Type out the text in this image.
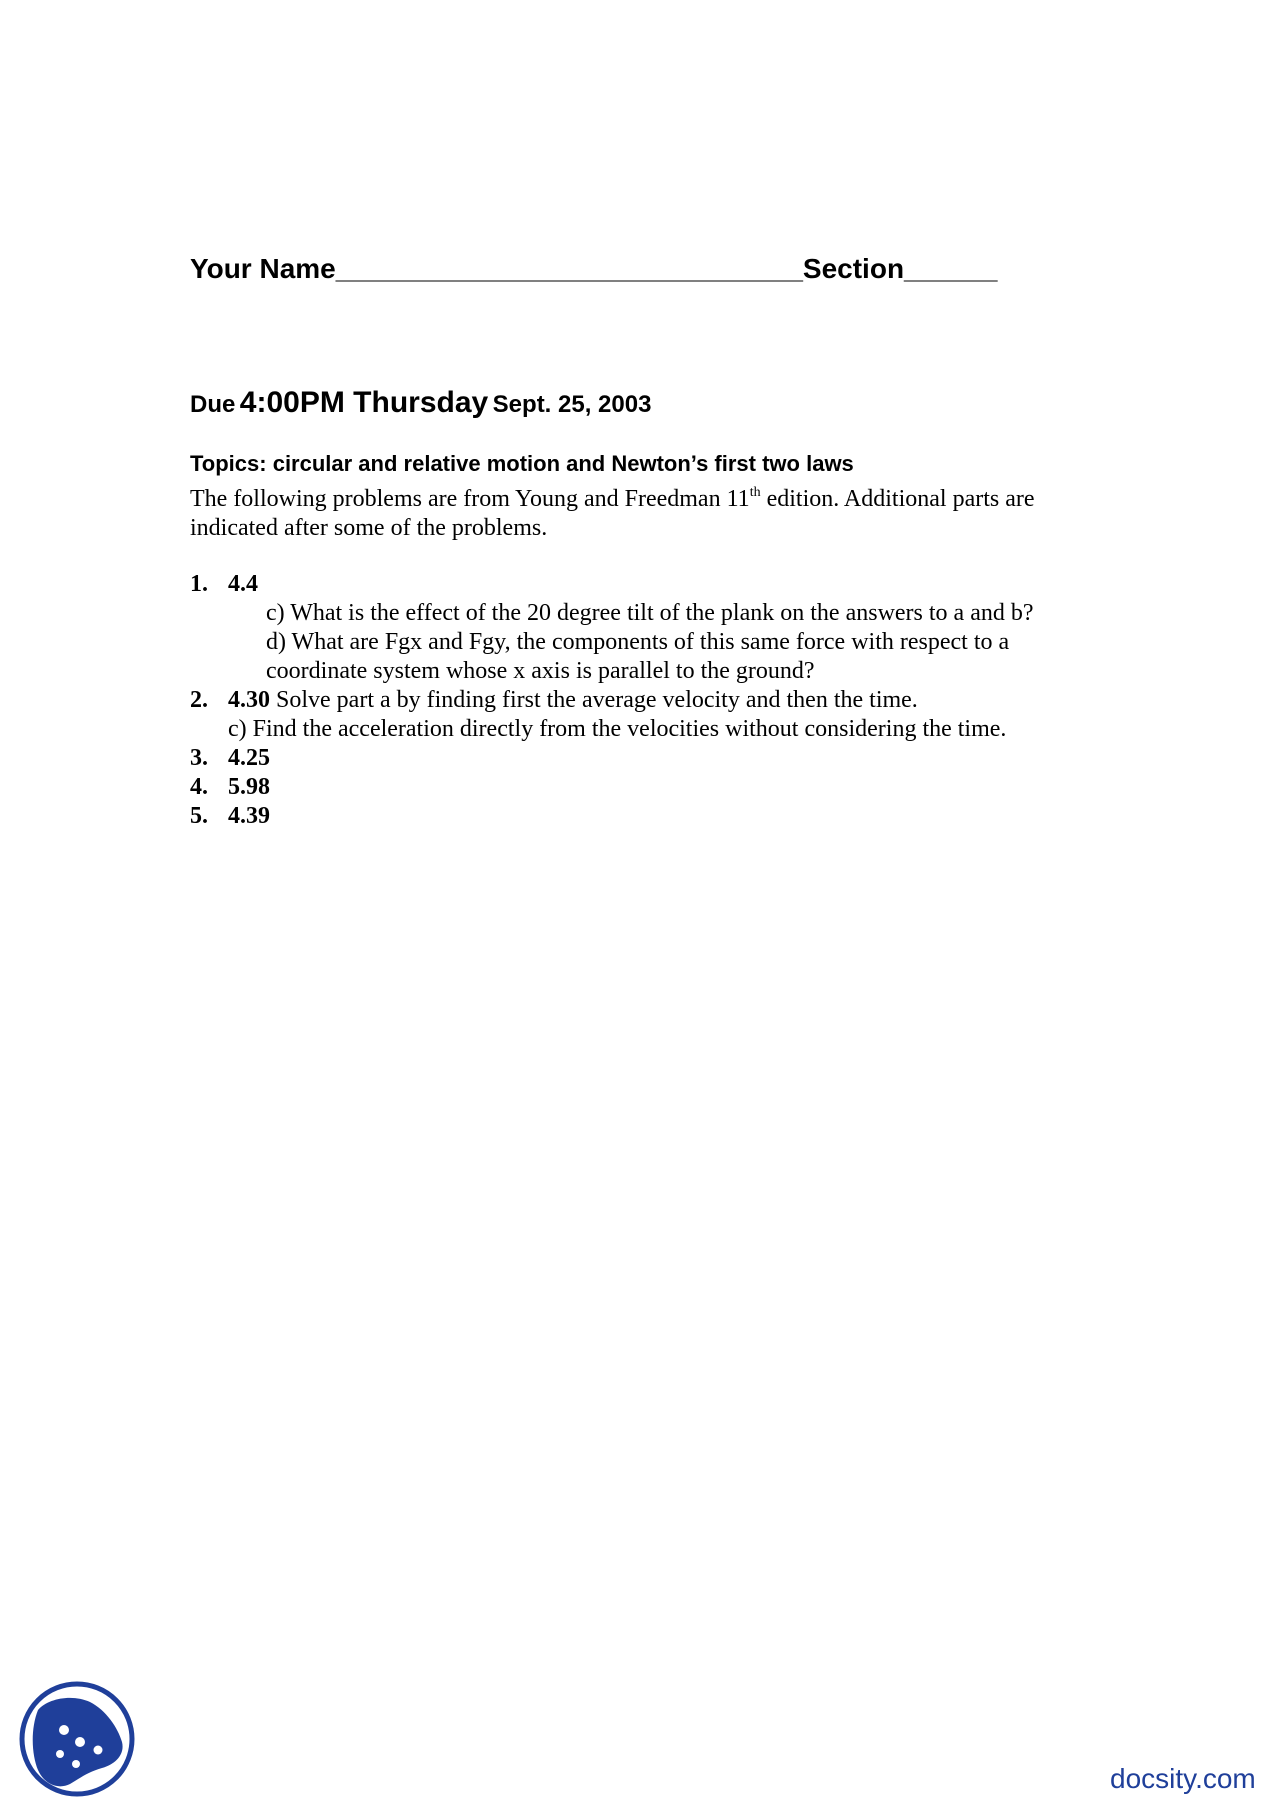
Your Name______________________________Section______
Due 4:00PM Thursday Sept. 25, 2003
Topics: circular and relative motion and Newton’s first two laws
The following problems are from Young and Freedman 11th edition. Additional parts are indicated after some of the problems.
1. 4.4
c) What is the effect of the 20 degree tilt of the plank on the answers to a and b?
d) What are Fgx and Fgy, the components of this same force with respect to a
coordinate system whose x axis is parallel to the ground?
2. 4.30 Solve part a by finding first the average velocity and then the time.
c) Find the acceleration directly from the velocities without considering the time.
3. 4.25
4. 5.98
5. 4.39
docsity.com
